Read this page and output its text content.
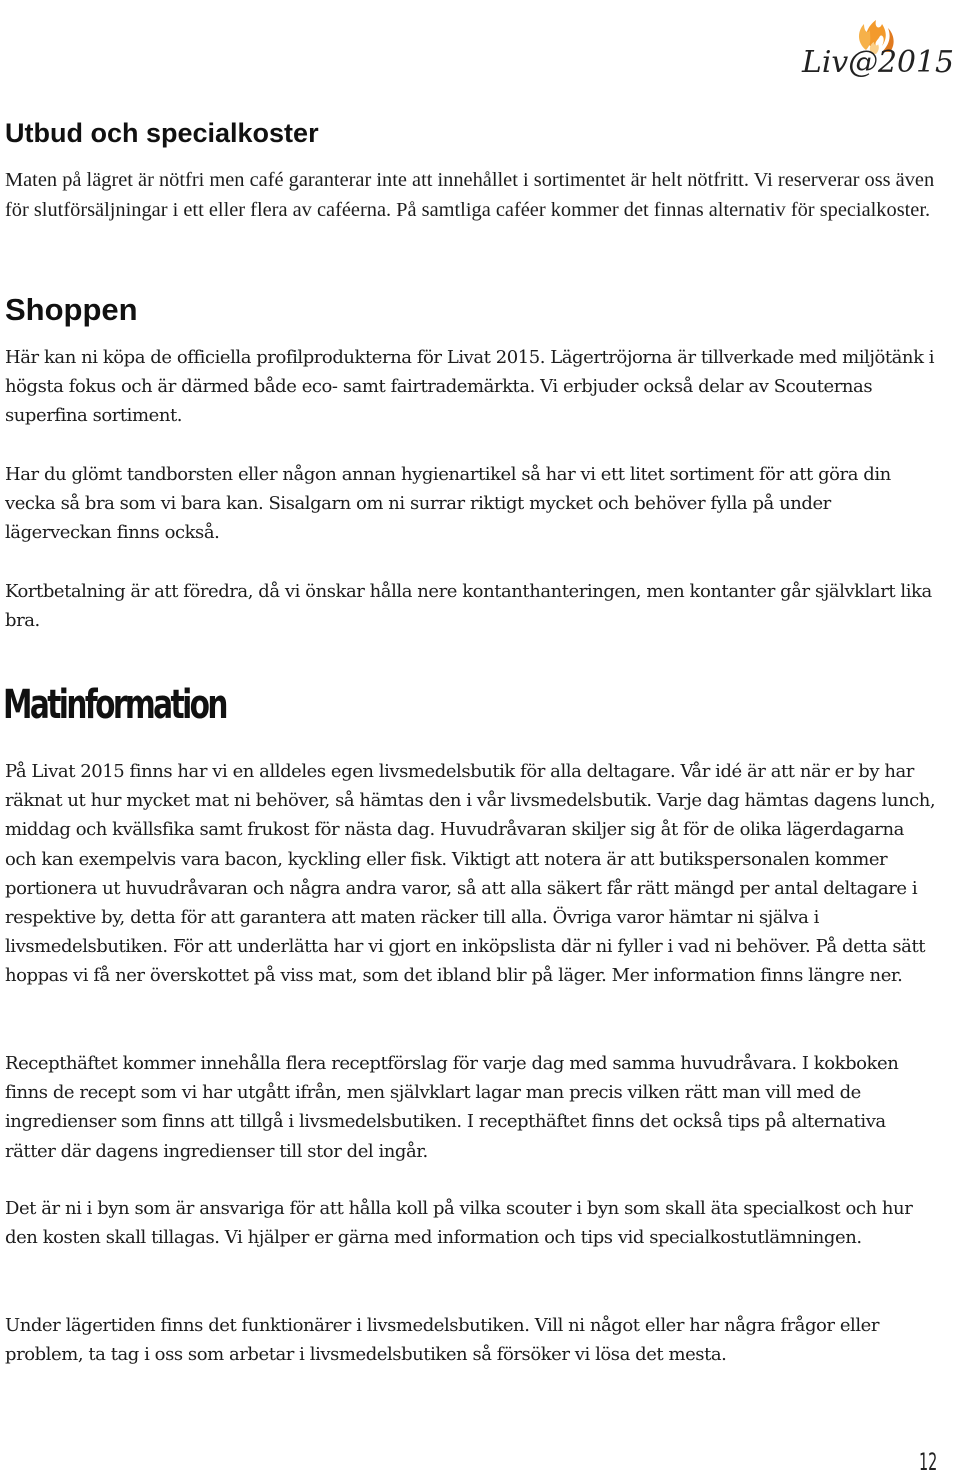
Liv@2015
Utbud och specialkoster

Maten på lägret är nötfri men café garanterar inte att innehållet i sortimentet är helt nötfritt. Vi reserverar oss även för slutförsäljningar i ett eller flera av caféerna. På samtliga caféer kommer det finnas alternativ för specialkoster.

Shoppen

Här kan ni köpa de officiella profilprodukterna för Livat 2015. Lägertröjorna är tillverkade med miljötänk i högsta fokus och är därmed både eco- samt fairtrademärkta. Vi erbjuder också delar av Scouternas superfina sortiment.

Har du glömt tandborsten eller någon annan hygienartikel så har vi ett litet sortiment för att göra din vecka så bra som vi bara kan. Sisalgarn om ni surrar riktigt mycket och behöver fylla på under lägerveckan finns också.

Kortbetalning är att föredra, då vi önskar hålla nere kontanthanteringen, men kontanter går självklart lika bra.

Matinformation

På Livat 2015 finns har vi en alldeles egen livsmedelsbutik för alla deltagare. Vår idé är att när er by har räknat ut hur mycket mat ni behöver, så hämtas den i vår livsmedelsbutik. Varje dag hämtas dagens lunch, middag och kvällsfika samt frukost för nästa dag. Huvudråvaran skiljer sig åt för de olika lägerdagarna och kan exempelvis vara bacon, kyckling eller fisk. Viktigt att notera är att butikspersonalen kommer portionera ut huvudråvaran och några andra varor, så att alla säkert får rätt mängd per antal deltagare i respektive by, detta för att garantera att maten räcker till alla. Övriga varor hämtar ni själva i livsmedelsbutiken. För att underlätta har vi gjort en inköpslista där ni fyller i vad ni behöver. På detta sätt hoppas vi få ner överskottet på viss mat, som det ibland blir på läger. Mer information finns längre ner.

Recepthäftet kommer innehålla flera receptförslag för varje dag med samma huvudråvara. I kokboken finns de recept som vi har utgått ifrån, men självklart lagar man precis vilken rätt man vill med de ingredienser som finns att tillgå i livsmedelsbutiken. I recepthäftet finns det också tips på alternativa rätter där dagens ingredienser till stor del ingår.

Det är ni i byn som är ansvariga för att hålla koll på vilka scouter i byn som skall äta specialkost och hur den kosten skall tillagas. Vi hjälper er gärna med information och tips vid specialkostutlämningen.

Under lägertiden finns det funktionärer i livsmedelsbutiken. Vill ni något eller har några frågor eller problem, ta tag i oss som arbetar i livsmedelsbutiken så försöker vi lösa det mesta.

12
